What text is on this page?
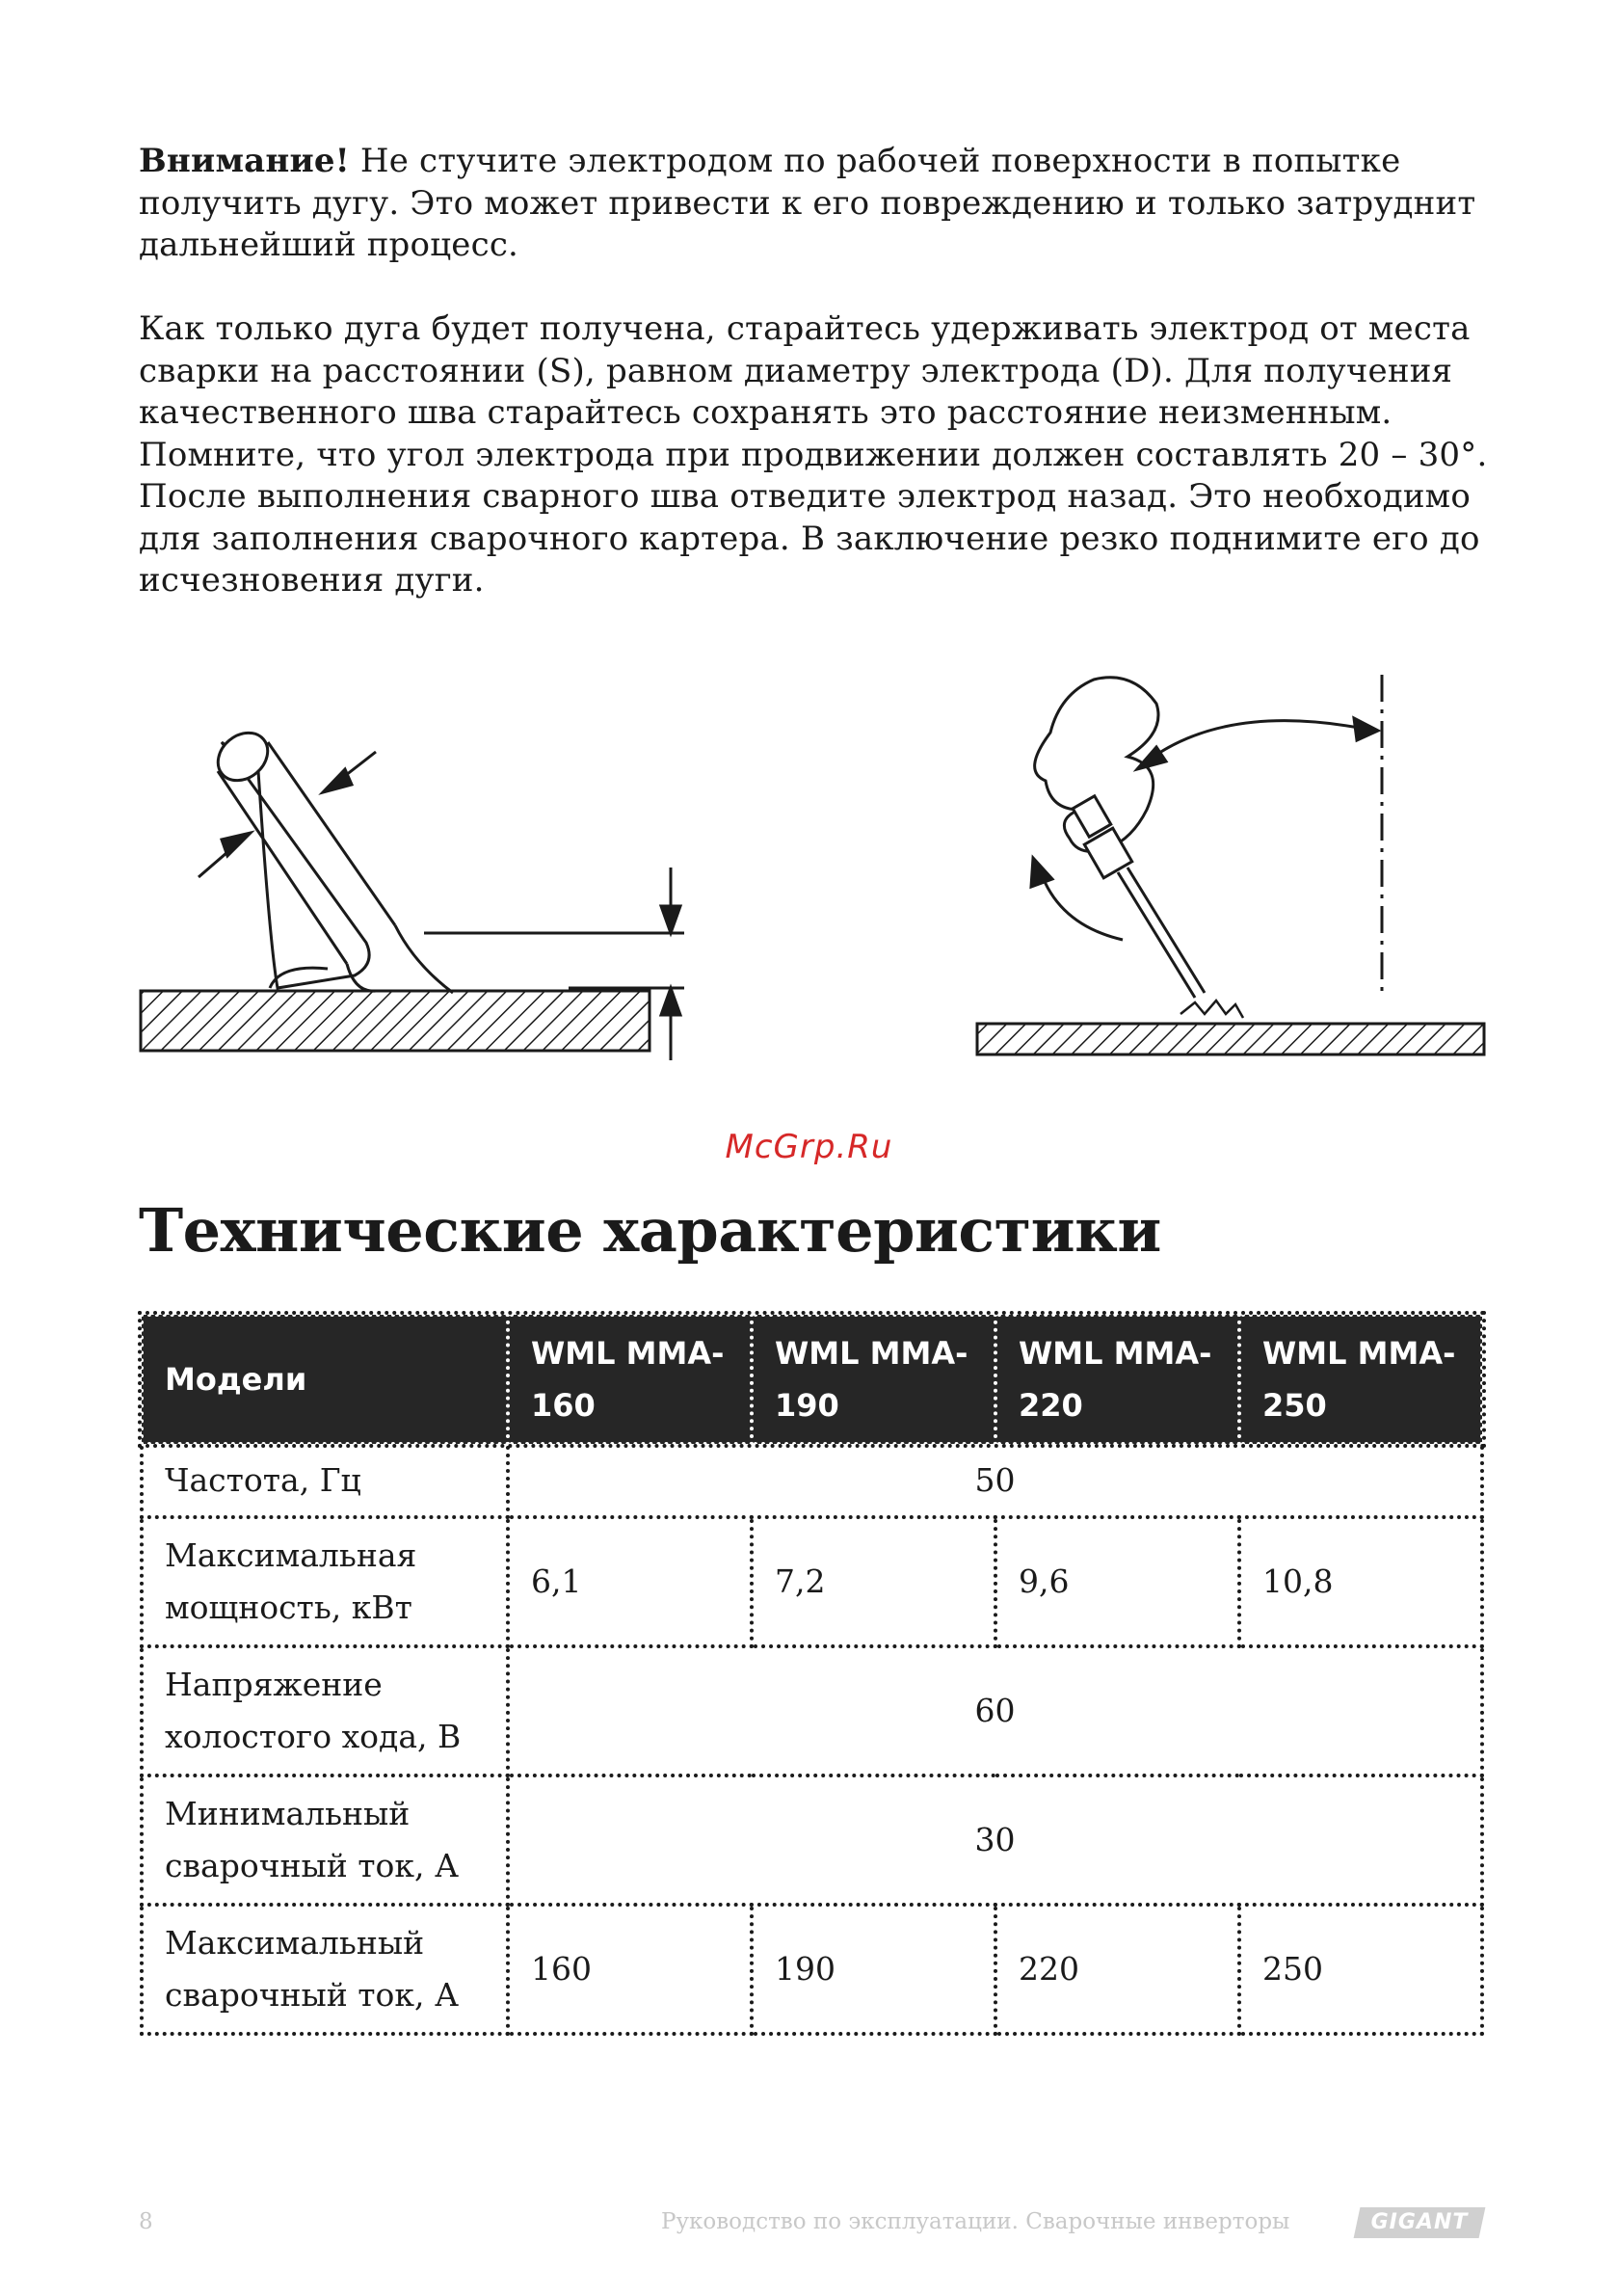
Внимание! Не стучите электродом по рабочей поверхности в попытке получить дугу. Это может привести к его повреждению и только затруднит дальнейший процесс.

Как только дуга будет получена, старайтесь удерживать электрод от места сварки на расстоянии (S), равном диаметру электрода (D). Для получения качественного шва старайтесь сохранять это расстояние неизменным. Помните, что угол электрода при продвижении должен составлять 20 – 30°. После выполнения сварного шва отведите электрод назад. Это необходимо для заполнения сварочного картера. В заключение резко поднимите его до исчезновения дуги.

McGrp.Ru
Технические характеристики
Модели	WML MMA-160	WML MMA-190	WML MMA-220	WML MMA-250
Частота, Гц	50			
Максимальная мощность, кВт	6,1	7,2	9,6	10,8
Напряжение холостого хода, В	60			
Минимальный сварочный ток, А	30			
Максимальный сварочный ток, А	160	190	220	250
8	Руководство по эксплуатации. Сварочные инверторы	GIGANT
